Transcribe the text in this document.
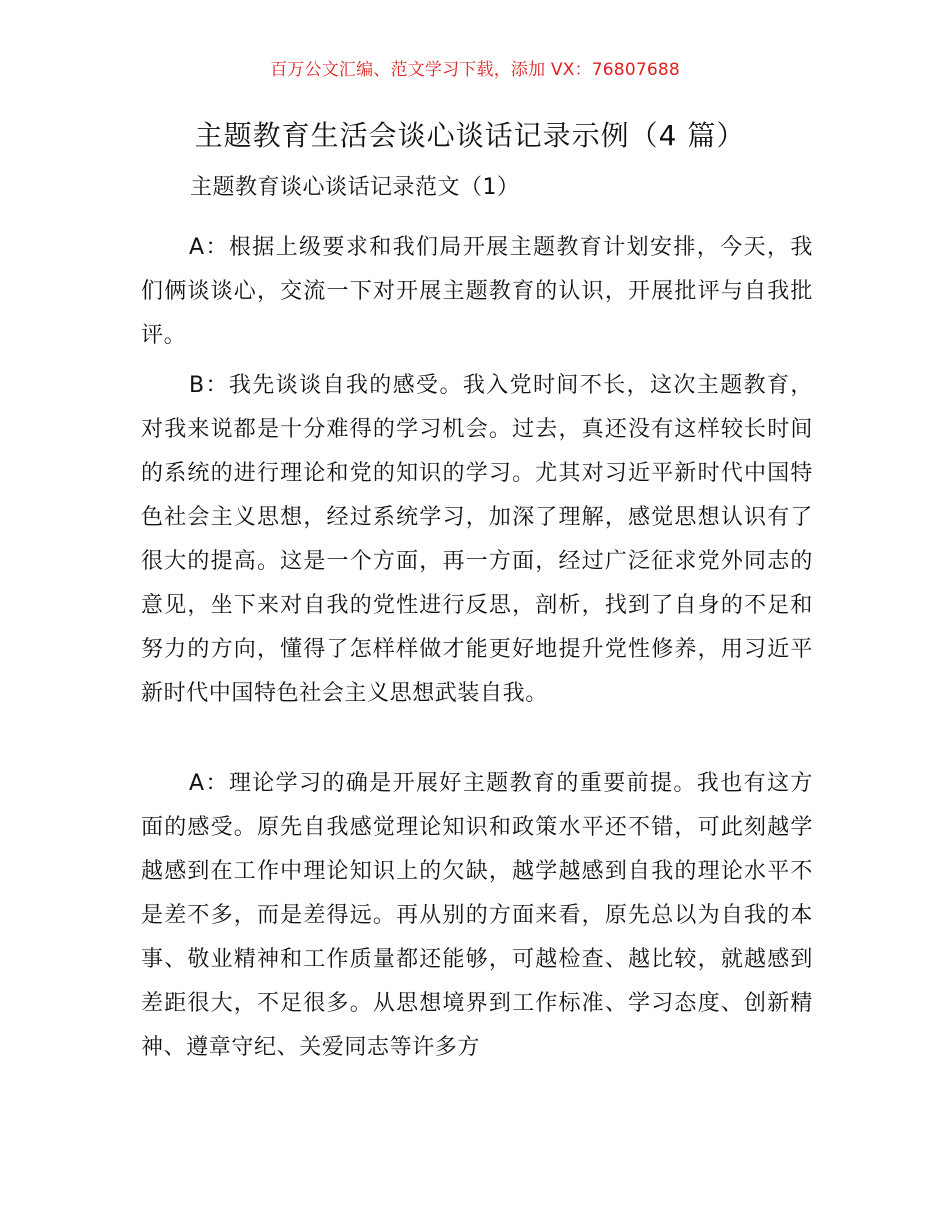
百万公文汇编、范文学习下载，添加 VX：76807688
主题教育生活会谈心谈话记录示例（4 篇）
主题教育谈心谈话记录范文（1）

A：根据上级要求和我们局开展主题教育计划安排，今天，我们俩谈谈心，交流一下对开展主题教育的认识，开展批评与自我批评。

B：我先谈谈自我的感受。我入党时间不长，这次主题教育，对我来说都是十分难得的学习机会。过去，真还没有这样较长时间的系统的进行理论和党的知识的学习。尤其对习近平新时代中国特色社会主义思想，经过系统学习，加深了理解，感觉思想认识有了很大的提高。这是一个方面，再一方面，经过广泛征求党外同志的意见，坐下来对自我的党性进行反思，剖析，找到了自身的不足和努力的方向，懂得了怎样样做才能更好地提升党性修养，用习近平新时代中国特色社会主义思想武装自我。

A：理论学习的确是开展好主题教育的重要前提。我也有这方面的感受。原先自我感觉理论知识和政策水平还不错，可此刻越学越感到在工作中理论知识上的欠缺，越学越感到自我的理论水平不是差不多，而是差得远。再从别的方面来看，原先总以为自我的本事、敬业精神和工作质量都还能够，可越检查、越比较，就越感到差距很大，不足很多。从思想境界到工作标准、学习态度、创新精神、遵章守纪、关爱同志等许多方
